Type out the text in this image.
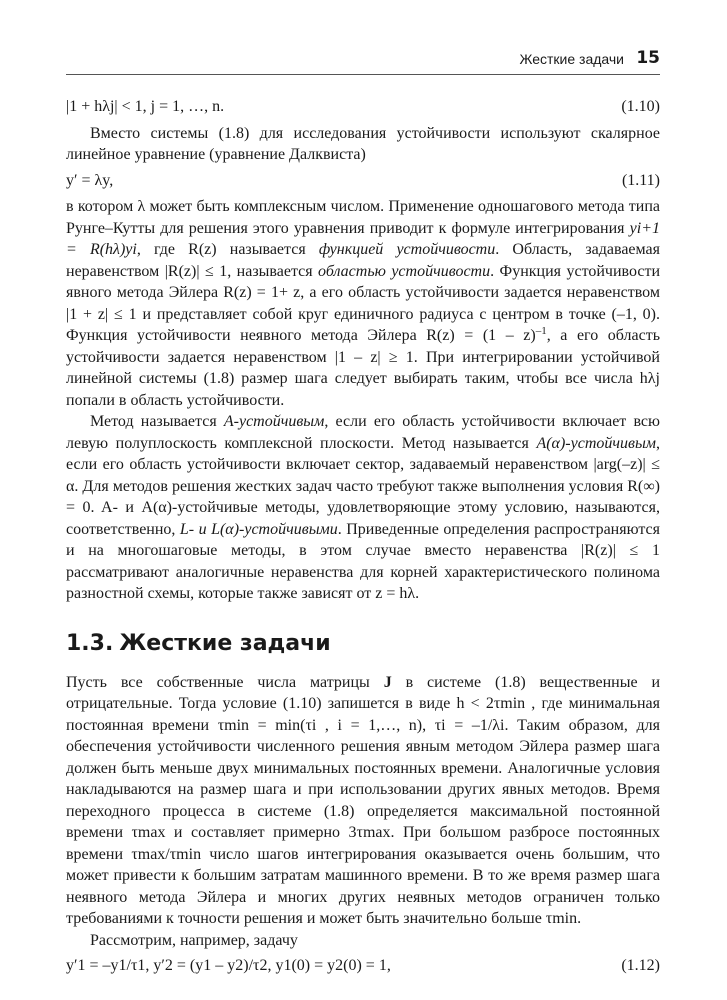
Жесткие задачи 15
|1 + hλj| < 1, j = 1, …, n.	(1.10)

Вместо системы (1.8) для исследования устойчивости используют скалярное линейное уравнение (уравнение Далквиста)

y′ = λy,	(1.11)

в котором λ может быть комплексным числом. Применение одношагового метода типа Рунге–Кутты для решения этого уравнения приводит к формуле интегрирования yi+1 = R(hλ)yi, где R(z) называется функцией устойчивости. Область, задаваемая неравенством |R(z)| ≤ 1, называется областью устойчивости. Функция устойчивости явного метода Эйлера R(z) = 1+ z, а его область устойчивости задается неравенством |1 + z| ≤ 1 и представляет собой круг единичного радиуса с центром в точке (–1, 0). Функция устойчивости неявного метода Эйлера R(z) = (1 – z)$^{-1}$, а его область устойчивости задается неравенством |1 – z| ≥ 1. При интегрировании устойчивой линейной системы (1.8) размер шага следует выбирать таким, чтобы все числа hλj попали в область устойчивости.

Метод называется A-устойчивым, если его область устойчивости включает всю левую полуплоскость комплексной плоскости. Метод называется A(α)-устойчивым, если его область устойчивости включает сектор, задаваемый неравенством |arg(–z)| ≤ α. Для методов решения жестких задач часто требуют также выполнения условия R(∞) = 0. A- и A(α)-устойчивые методы, удовлетворяющие этому условию, называются, соответственно, L- и L(α)-устойчивыми. Приведенные определения распространяются и на многошаговые методы, в этом случае вместо неравенства |R(z)| ≤ 1 рассматривают аналогичные неравенства для корней характеристического полинома разностной схемы, которые также зависят от z = hλ.

1.3. Жесткие задачи

Пусть все собственные числа матрицы J в системе (1.8) вещественные и отрицательные. Тогда условие (1.10) запишется в виде h < 2τmin , где минимальная постоянная времени τmin = min(τi , i = 1,…, n), τi = –1/λi. Таким образом, для обеспечения устойчивости численного решения явным методом Эйлера размер шага должен быть меньше двух минимальных постоянных времени. Аналогичные условия накладываются на размер шага и при использовании других явных методов. Время переходного процесса в системе (1.8) определяется максимальной постоянной времени τmax и составляет примерно 3τmax. При большом разбросе постоянных времени τmax/τmin число шагов интегрирования оказывается очень большим, что может привести к большим затратам машинного времени. В то же время размер шага неявного метода Эйлера и многих других неявных методов ограничен только требованиями к точности решения и может быть значительно больше τmin.

Рассмотрим, например, задачу

y′1 = –y1/τ1, y′2 = (y1 – y2)/τ2, y1(0) = y2(0) = 1,	(1.12)
